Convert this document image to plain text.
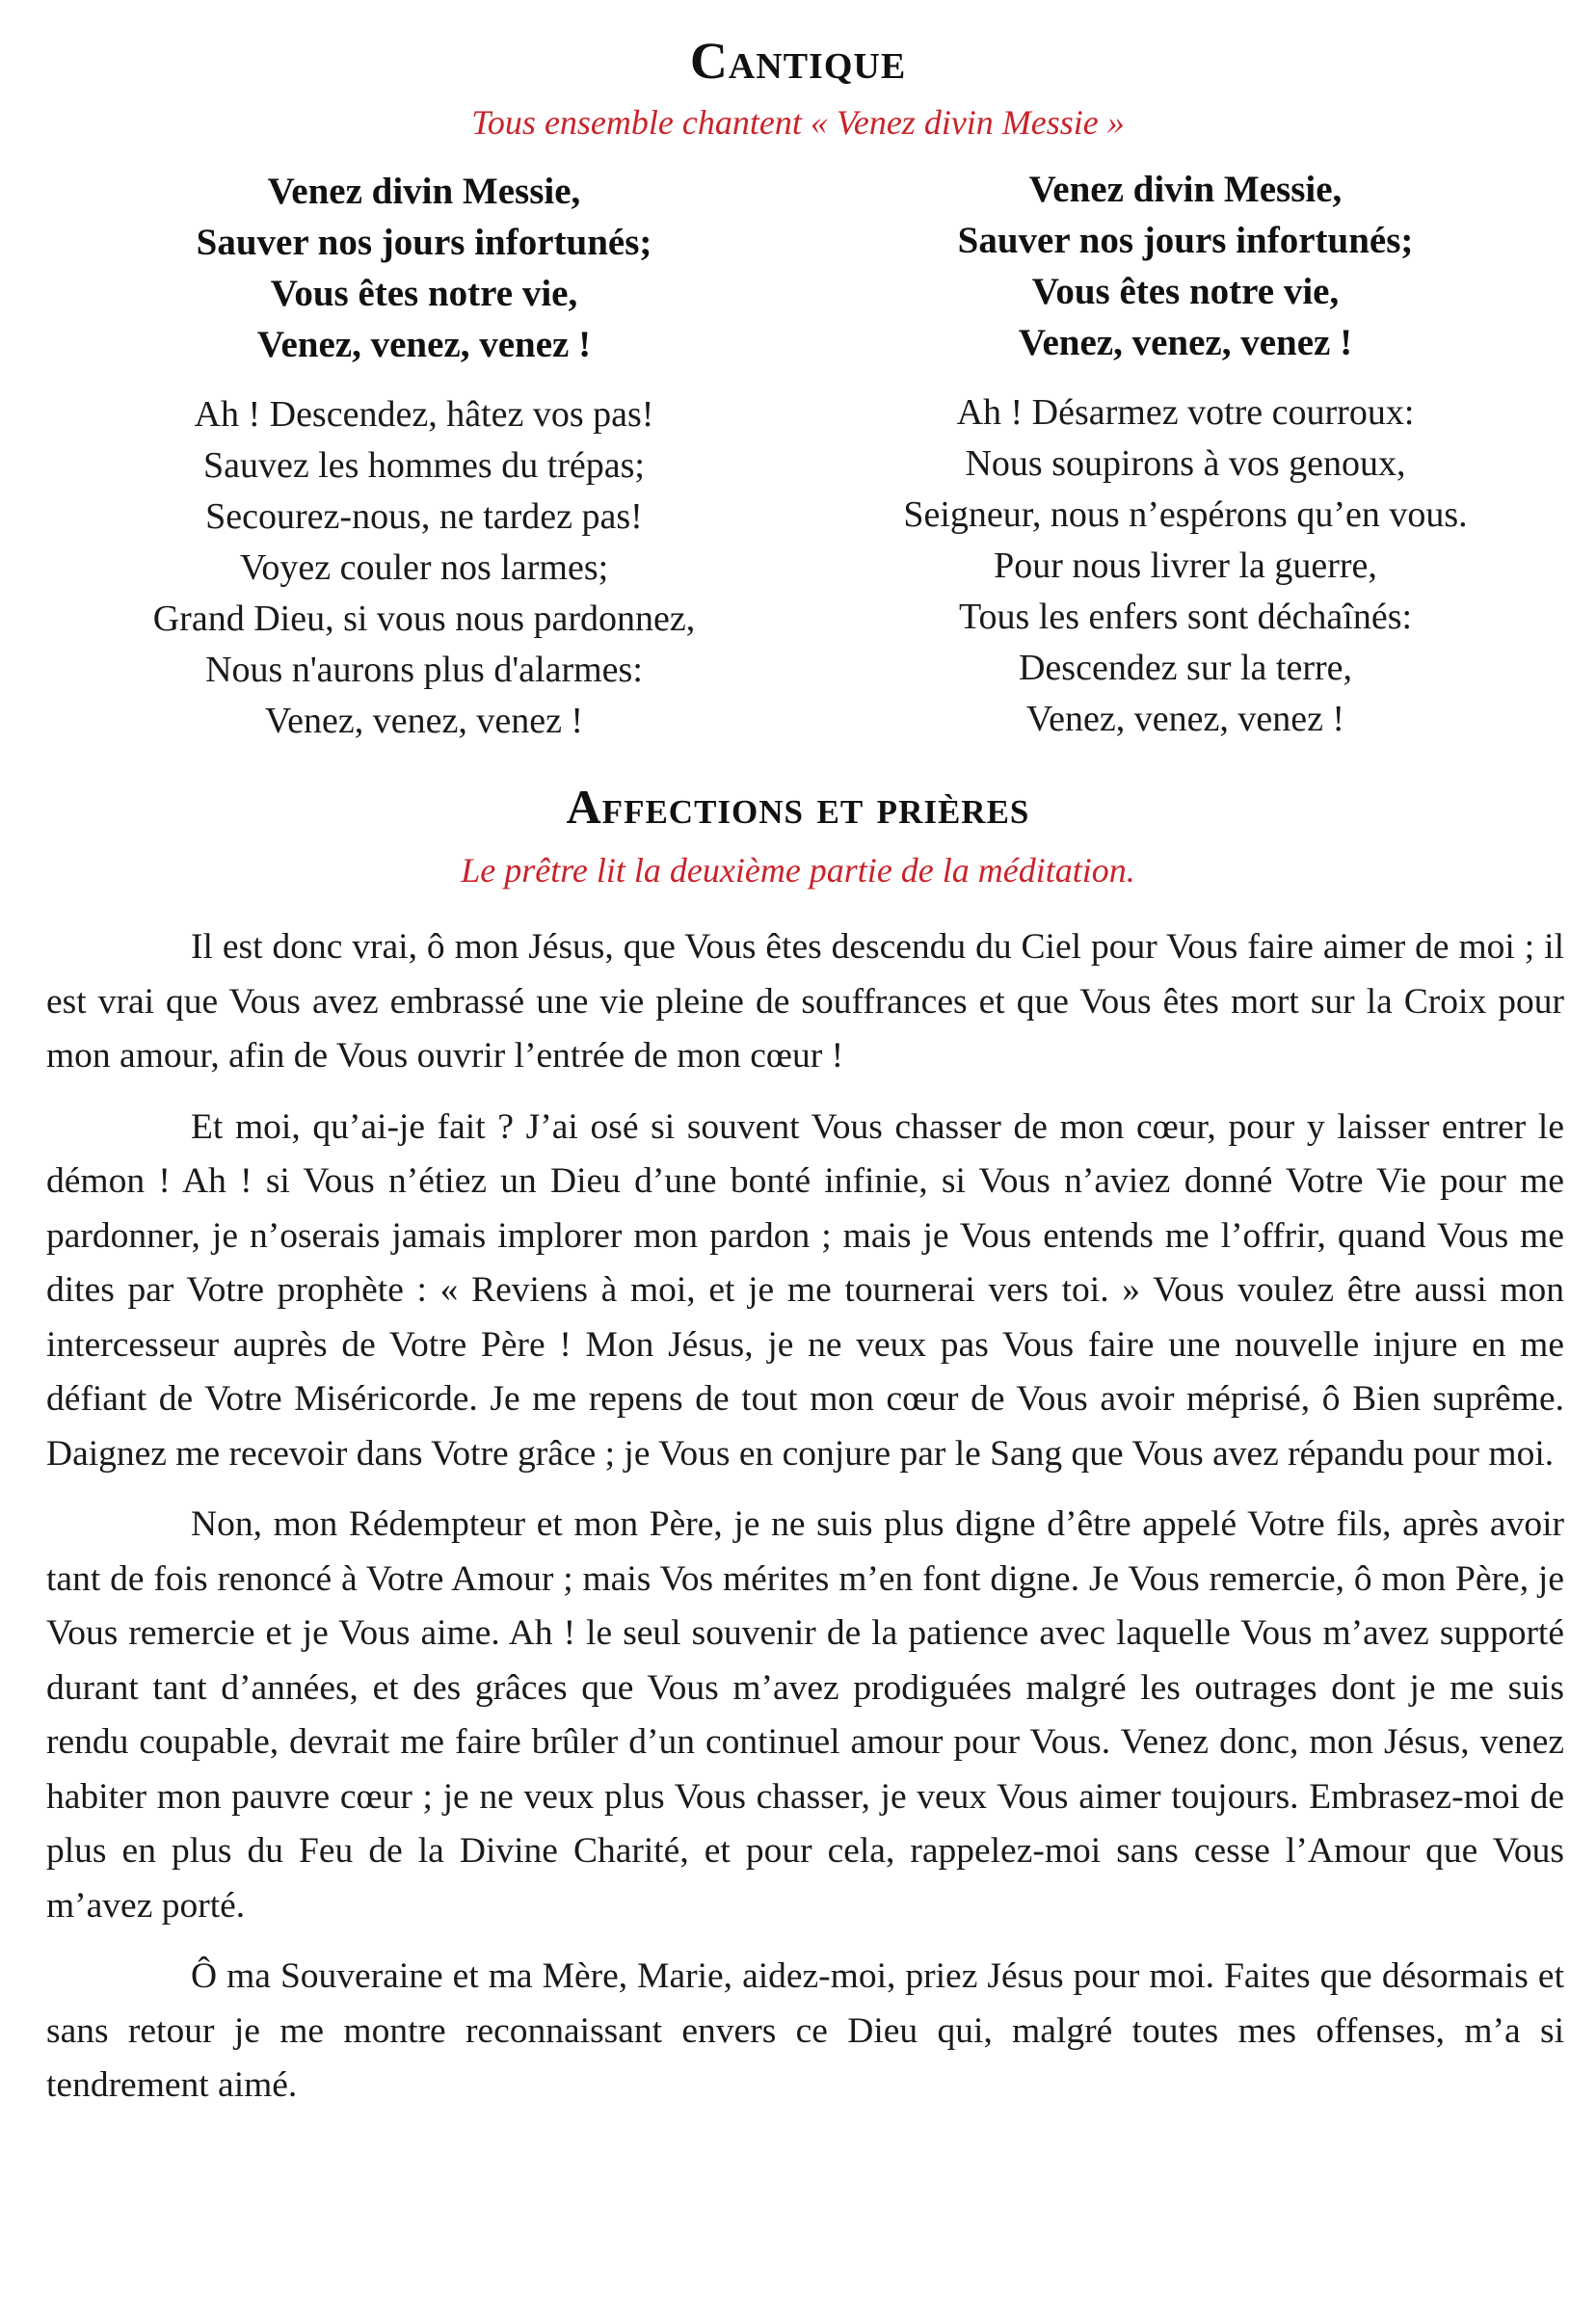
Cantique
Tous ensemble chantent « Venez divin Messie »
Venez divin Messie,
Sauver nos jours infortunés;
Vous êtes notre vie,
Venez, venez, venez !
Ah ! Descendez, hâtez vos pas!
Sauvez les hommes du trépas;
Secourez-nous, ne tardez pas!
Voyez couler nos larmes;
Grand Dieu, si vous nous pardonnez,
Nous n'aurons plus d'alarmes:
Venez, venez, venez !
Venez divin Messie,
Sauver nos jours infortunés;
Vous êtes notre vie,
Venez, venez, venez !
Ah ! Désarmez votre courroux:
Nous soupirons à vos genoux,
Seigneur, nous n’espérons qu’en vous.
Pour nous livrer la guerre,
Tous les enfers sont déchaînés:
Descendez sur la terre,
Venez, venez, venez !
Affections et prières
Le prêtre lit la deuxième partie de la méditation.

Il est donc vrai, ô mon Jésus, que Vous êtes descendu du Ciel pour Vous faire aimer de moi ; il est vrai que Vous avez embrassé une vie pleine de souffrances et que Vous êtes mort sur la Croix pour mon amour, afin de Vous ouvrir l’entrée de mon cœur !

Et moi, qu’ai-je fait ? J’ai osé si souvent Vous chasser de mon cœur, pour y laisser entrer le démon ! Ah ! si Vous n’étiez un Dieu d’une bonté infinie, si Vous n’aviez donné Votre Vie pour me pardonner, je n’oserais jamais implorer mon pardon ; mais je Vous entends me l’offrir, quand Vous me dites par Votre prophète : « Reviens à moi, et je me tournerai vers toi. » Vous voulez être aussi mon intercesseur auprès de Votre Père ! Mon Jésus, je ne veux pas Vous faire une nouvelle injure en me défiant de Votre Miséricorde. Je me repens de tout mon cœur de Vous avoir méprisé, ô Bien suprême. Daignez me recevoir dans Votre grâce ; je Vous en conjure par le Sang que Vous avez répandu pour moi.

Non, mon Rédempteur et mon Père, je ne suis plus digne d’être appelé Votre fils, après avoir tant de fois renoncé à Votre Amour ; mais Vos mérites m’en font digne. Je Vous remercie, ô mon Père, je Vous remercie et je Vous aime. Ah ! le seul souvenir de la patience avec laquelle Vous m’avez supporté durant tant d’années, et des grâces que Vous m’avez prodiguées malgré les outrages dont je me suis rendu coupable, devrait me faire brûler d’un continuel amour pour Vous. Venez donc, mon Jésus, venez habiter mon pauvre cœur ; je ne veux plus Vous chasser, je veux Vous aimer toujours. Embrasez-moi de plus en plus du Feu de la Divine Charité, et pour cela, rappelez-moi sans cesse l’Amour que Vous m’avez porté.

Ô ma Souveraine et ma Mère, Marie, aidez-moi, priez Jésus pour moi. Faites que désormais et sans retour je me montre reconnaissant envers ce Dieu qui, malgré toutes mes offenses, m’a si tendrement aimé.
